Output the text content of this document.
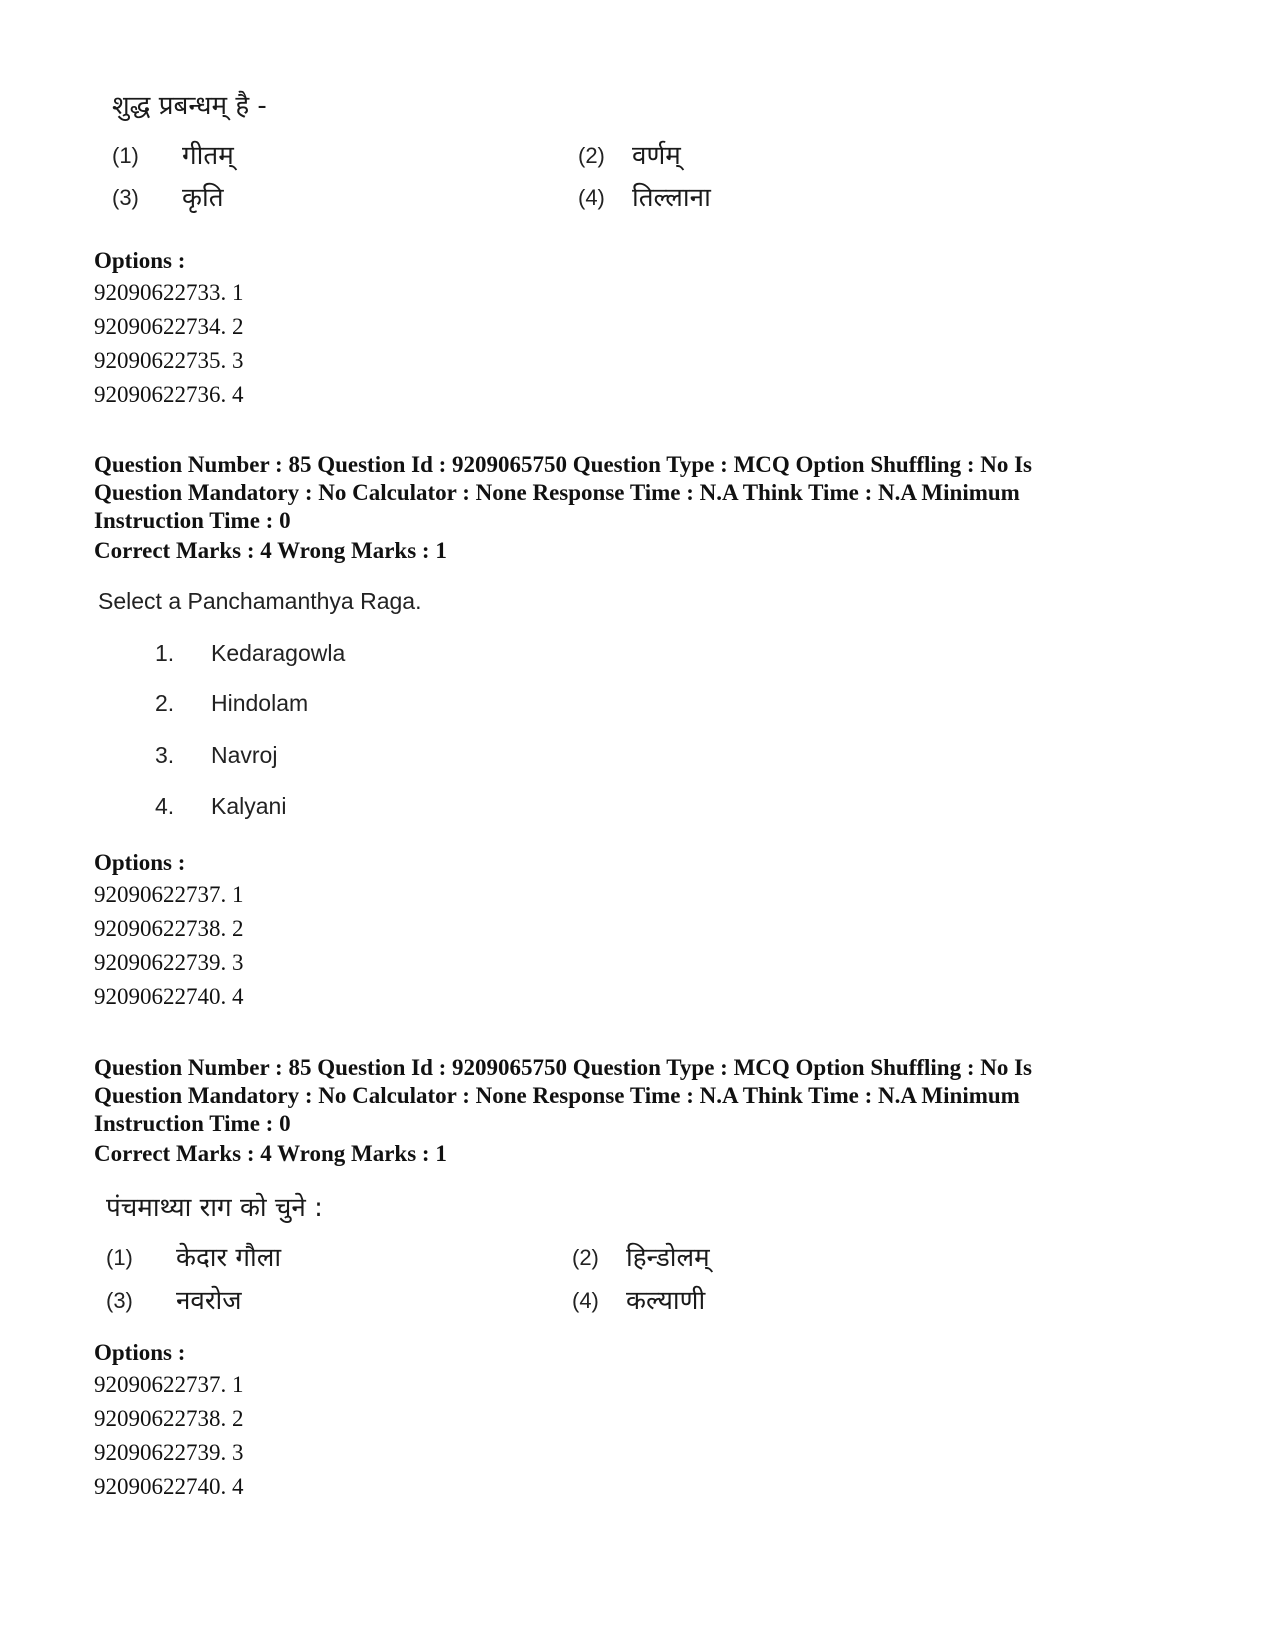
शुद्ध प्रबन्धम् है -
(1) गीतम्	(2) वर्णम्
(3) कृति	(4) तिल्लाना
Options :
92090622733. 1
92090622734. 2
92090622735. 3
92090622736. 4
Question Number : 85 Question Id : 9209065750 Question Type : MCQ Option Shuffling : No Is
Question Mandatory : No Calculator : None Response Time : N.A Think Time : N.A Minimum
Instruction Time : 0
Correct Marks : 4 Wrong Marks : 1
Select a Panchamanthya Raga.
1. Kedaragowla
2. Hindolam
3. Navroj
4. Kalyani
Options :
92090622737. 1
92090622738. 2
92090622739. 3
92090622740. 4
Question Number : 85 Question Id : 9209065750 Question Type : MCQ Option Shuffling : No Is
Question Mandatory : No Calculator : None Response Time : N.A Think Time : N.A Minimum
Instruction Time : 0
Correct Marks : 4 Wrong Marks : 1
पंचमाथ्या राग को चुने :
(1) केदार गौला	(2) हिन्डोलम्
(3) नवरोज	(4) कल्याणी
Options :
92090622737. 1
92090622738. 2
92090622739. 3
92090622740. 4
